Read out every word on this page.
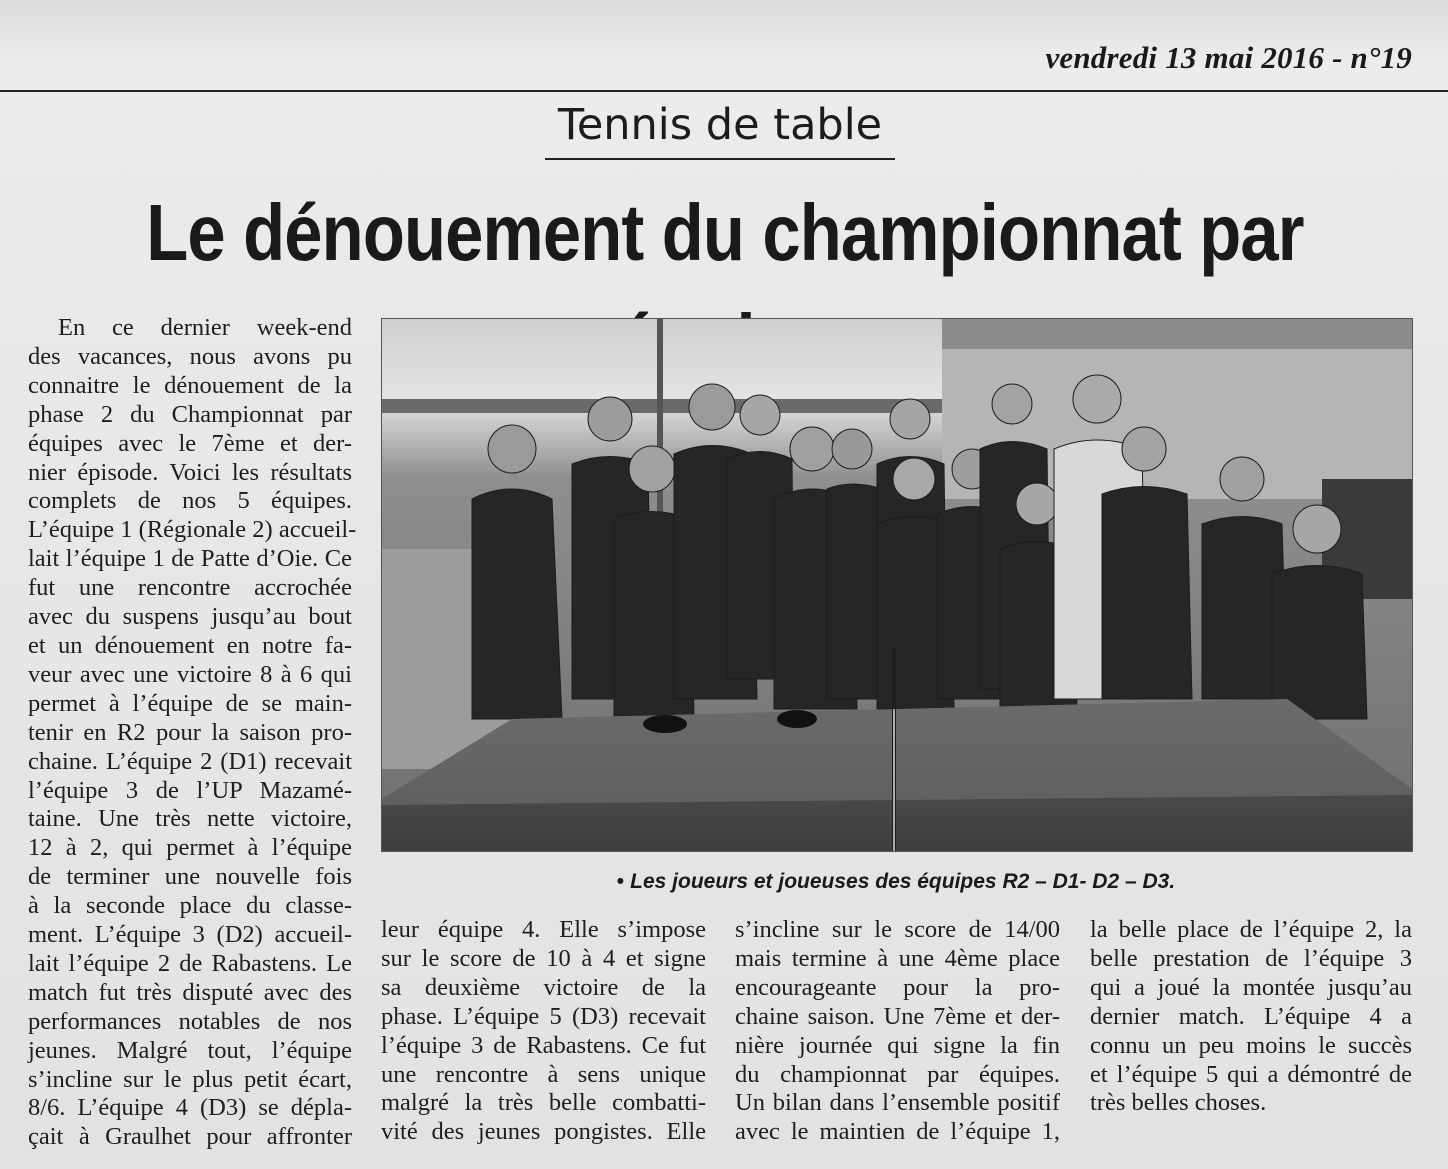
vendredi 13 mai 2016 - n°19
Tennis de table
Le dénouement du championnat par
En ce dernier week-end
des vacances, nous avons pu
connaitre le dénouement de la
phase 2 du Championnat par
équipes avec le 7ème et der-
nier épisode. Voici les résultats
complets de nos 5 équipes.
L’équipe 1 (Régionale 2) accueil-
lait l’équipe 1 de Patte d’Oie. Ce
fut une rencontre accrochée
avec du suspens jusqu’au bout
et un dénouement en notre fa-
veur avec une victoire 8 à 6 qui
permet à l’équipe de se main-
tenir en R2 pour la saison pro-
chaine. L’équipe 2 (D1) recevait
l’équipe 3 de l’UP Mazamé-
taine. Une très nette victoire,
12 à 2, qui permet à l’équipe
de terminer une nouvelle fois
à la seconde place du classe-
ment. L’équipe 3 (D2) accueil-
lait l’équipe 2 de Rabastens. Le
match fut très disputé avec des
performances notables de nos
jeunes. Malgré tout, l’équipe
s’incline sur le plus petit écart,
8/6. L’équipe 4 (D3) se dépla-
çait à Graulhet pour affronter
• Les joueurs et joueuses des équipes R2 – D1- D2 – D3.
leur équipe 4. Elle s’impose
sur le score de 10 à 4 et signe
sa deuxième victoire de la
phase. L’équipe 5 (D3) recevait
l’équipe 3 de Rabastens. Ce fut
une rencontre à sens unique
malgré la très belle combatti-
vité des jeunes pongistes. Elle
s’incline sur le score de 14/00
mais termine à une 4ème place
encourageante pour la pro-
chaine saison. Une 7ème et der-
nière journée qui signe la fin
du championnat par équipes.
Un bilan dans l’ensemble positif
avec le maintien de l’équipe 1,
la belle place de l’équipe 2, la
belle prestation de l’équipe 3
qui a joué la montée jusqu’au
dernier match. L’équipe 4 a
connu un peu moins le succès
et l’équipe 5 qui a démontré de
très belles choses.
